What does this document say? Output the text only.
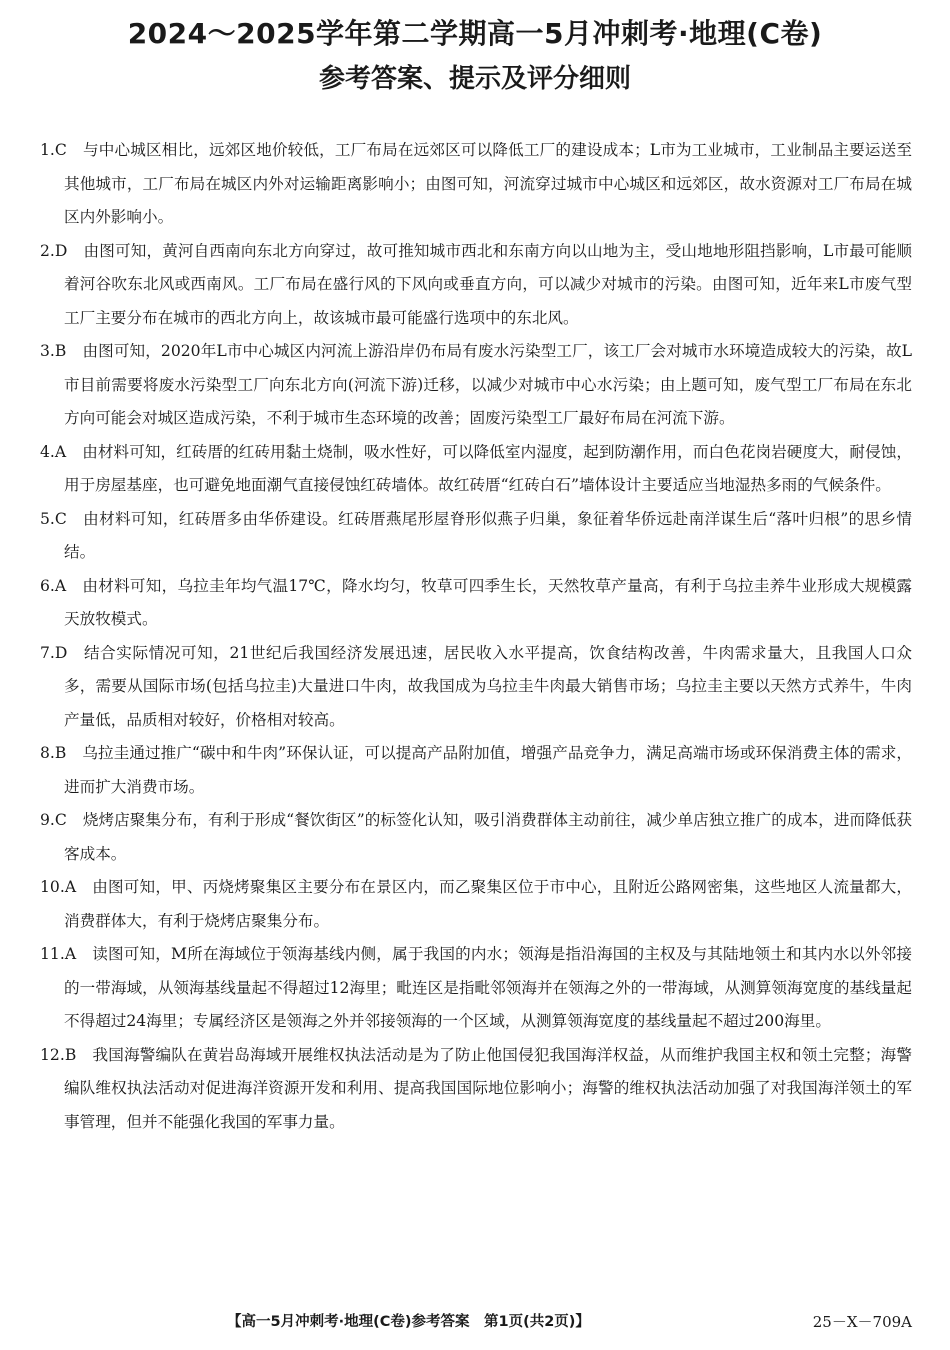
2024～2025学年第二学期高一5月冲刺考·地理(C卷)
参考答案、提示及评分细则
1.C 与中心城区相比，远郊区地价较低，工厂布局在远郊区可以降低工厂的建设成本；L市为工业城市，工业制品主要运送至其他城市，工厂布局在城区内外对运输距离影响小；由图可知，河流穿过城市中心城区和远郊区，故水资源对工厂布局在城区内外影响小。
2.D 由图可知，黄河自西南向东北方向穿过，故可推知城市西北和东南方向以山地为主，受山地地形阻挡影响，L市最可能顺着河谷吹东北风或西南风。工厂布局在盛行风的下风向或垂直方向，可以减少对城市的污染。由图可知，近年来L市废气型工厂主要分布在城市的西北方向上，故该城市最可能盛行选项中的东北风。
3.B 由图可知，2020年L市中心城区内河流上游沿岸仍布局有废水污染型工厂，该工厂会对城市水环境造成较大的污染，故L市目前需要将废水污染型工厂向东北方向(河流下游)迁移，以减少对城市中心水污染；由上题可知，废气型工厂布局在东北方向可能会对城区造成污染，不利于城市生态环境的改善；固废污染型工厂最好布局在河流下游。
4.A 由材料可知，红砖厝的红砖用黏土烧制，吸水性好，可以降低室内湿度，起到防潮作用，而白色花岗岩硬度大，耐侵蚀，用于房屋基座，也可避免地面潮气直接侵蚀红砖墙体。故红砖厝“红砖白石”墙体设计主要适应当地湿热多雨的气候条件。
5.C 由材料可知，红砖厝多由华侨建设。红砖厝燕尾形屋脊形似燕子归巢，象征着华侨远赴南洋谋生后“落叶归根”的思乡情结。
6.A 由材料可知，乌拉圭年均气温17℃，降水均匀，牧草可四季生长，天然牧草产量高，有利于乌拉圭养牛业形成大规模露天放牧模式。
7.D 结合实际情况可知，21世纪后我国经济发展迅速，居民收入水平提高，饮食结构改善，牛肉需求量大，且我国人口众多，需要从国际市场(包括乌拉圭)大量进口牛肉，故我国成为乌拉圭牛肉最大销售市场；乌拉圭主要以天然方式养牛，牛肉产量低，品质相对较好，价格相对较高。
8.B 乌拉圭通过推广“碳中和牛肉”环保认证，可以提高产品附加值，增强产品竞争力，满足高端市场或环保消费主体的需求，进而扩大消费市场。
9.C 烧烤店聚集分布，有利于形成“餐饮街区”的标签化认知，吸引消费群体主动前往，减少单店独立推广的成本，进而降低获客成本。
10.A 由图可知，甲、丙烧烤聚集区主要分布在景区内，而乙聚集区位于市中心，且附近公路网密集，这些地区人流量都大，消费群体大，有利于烧烤店聚集分布。
11.A 读图可知，M所在海域位于领海基线内侧，属于我国的内水；领海是指沿海国的主权及与其陆地领土和其内水以外邻接的一带海域，从领海基线量起不得超过12海里；毗连区是指毗邻领海并在领海之外的一带海域，从测算领海宽度的基线量起不得超过24海里；专属经济区是领海之外并邻接领海的一个区域，从测算领海宽度的基线量起不超过200海里。
12.B 我国海警编队在黄岩岛海域开展维权执法活动是为了防止他国侵犯我国海洋权益，从而维护我国主权和领土完整；海警编队维权执法活动对促进海洋资源开发和利用、提高我国国际地位影响小；海警的维权执法活动加强了对我国海洋领土的军事管理，但并不能强化我国的军事力量。
【高一5月冲刺考·地理(C卷)参考答案　第1页(共2页)】	25－X－709A
